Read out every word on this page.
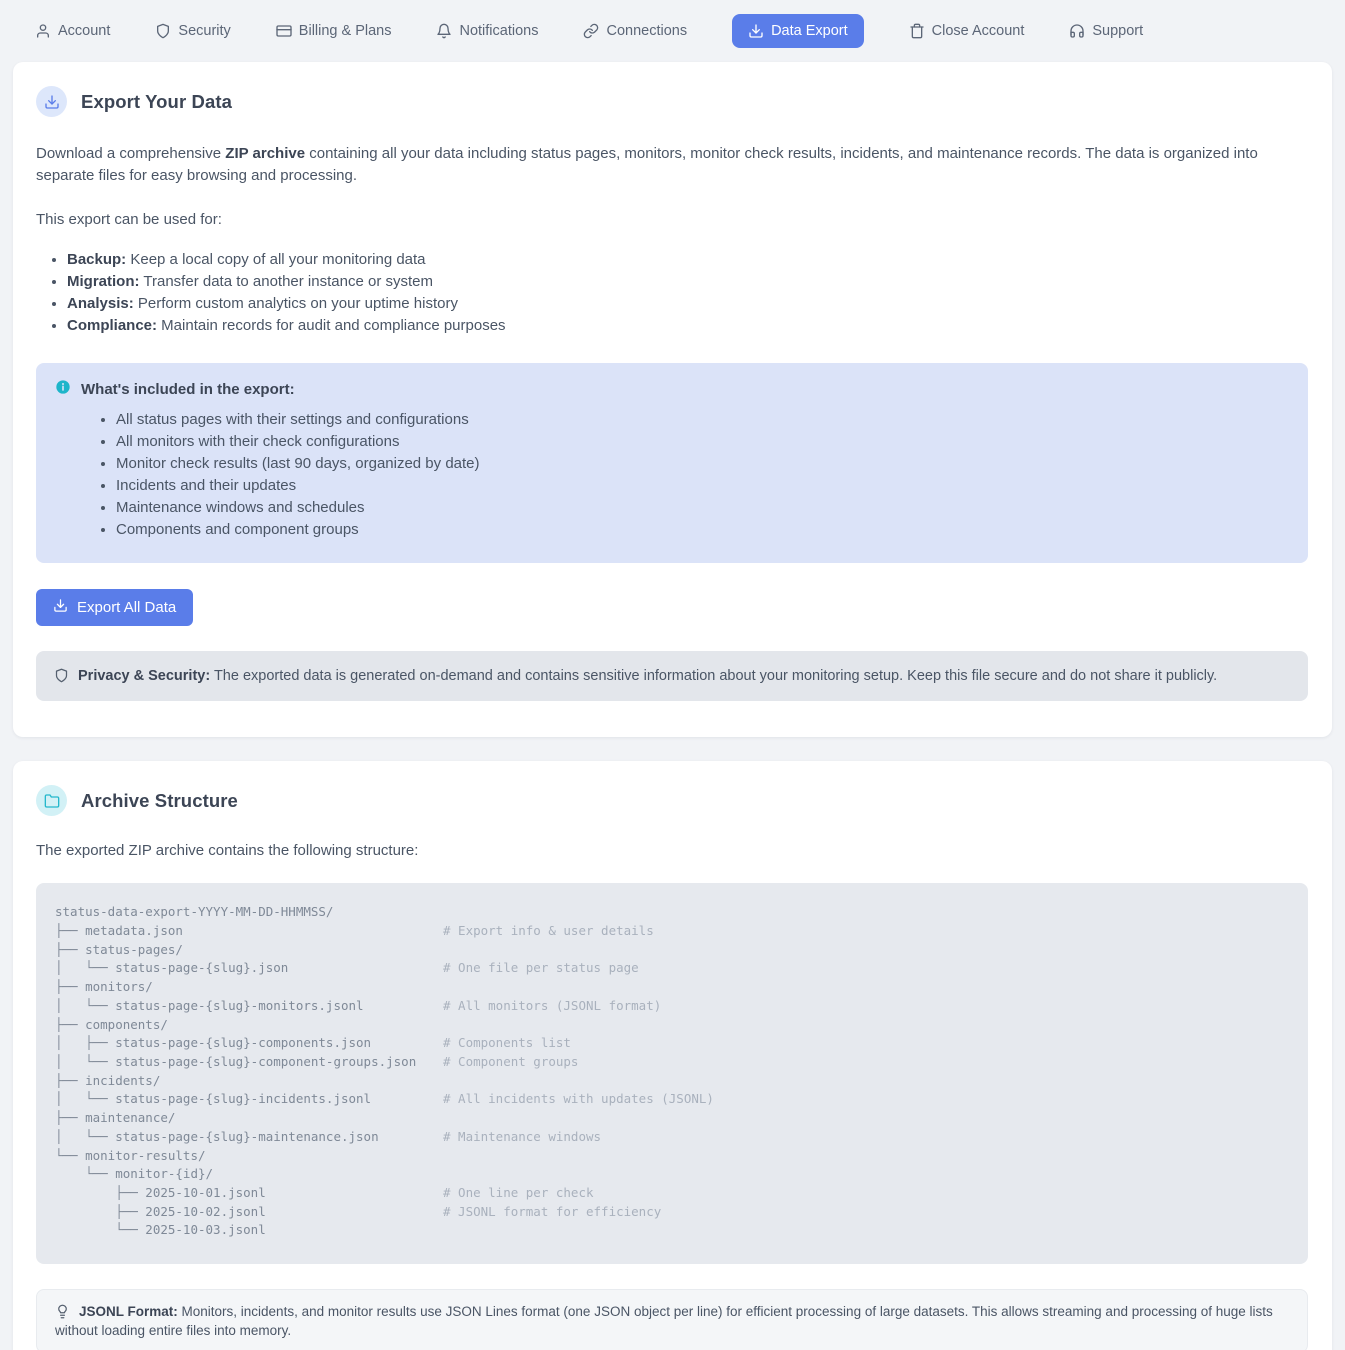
Account	Security	Billing & Plans	Notifications	Connections	Data Export	Close Account	Support
Export Your Data

Download a comprehensive ZIP archive containing all your data including status pages, monitors, monitor check results, incidents, and maintenance records. The data is organized into separate files for easy browsing and processing.

This export can be used for:

• Backup: Keep a local copy of all your monitoring data
• Migration: Transfer data to another instance or system
• Analysis: Perform custom analytics on your uptime history
• Compliance: Maintain records for audit and compliance purposes
What's included in the export:
• All status pages with their settings and configurations
• All monitors with their check configurations
• Monitor check results (last 90 days, organized by date)
• Incidents and their updates
• Maintenance windows and schedules
• Components and component groups
Export All Data
Privacy & Security: The exported data is generated on-demand and contains sensitive information about your monitoring setup. Keep this file secure and do not share it publicly.
Archive Structure

The exported ZIP archive contains the following structure:

status-data-export-YYYY-MM-DD-HHMMSS/
├── metadata.json	# Export info & user details
├── status-pages/
│   └── status-page-{slug}.json	# One file per status page
├── monitors/
│   └── status-page-{slug}-monitors.jsonl	# All monitors (JSONL format)
├── components/
│   ├── status-page-{slug}-components.json	# Components list
│   └── status-page-{slug}-component-groups.json	# Component groups
├── incidents/
│   └── status-page-{slug}-incidents.jsonl	# All incidents with updates (JSONL)
├── maintenance/
│   └── status-page-{slug}-maintenance.json	# Maintenance windows
└── monitor-results/
└── monitor-{id}/
├── 2025-10-01.jsonl	# One line per check
├── 2025-10-02.jsonl	# JSONL format for efficiency
└── 2025-10-03.jsonl
JSONL Format: Monitors, incidents, and monitor results use JSON Lines format (one JSON object per line) for efficient processing of large datasets. This allows streaming and processing of huge lists without loading entire files into memory.
